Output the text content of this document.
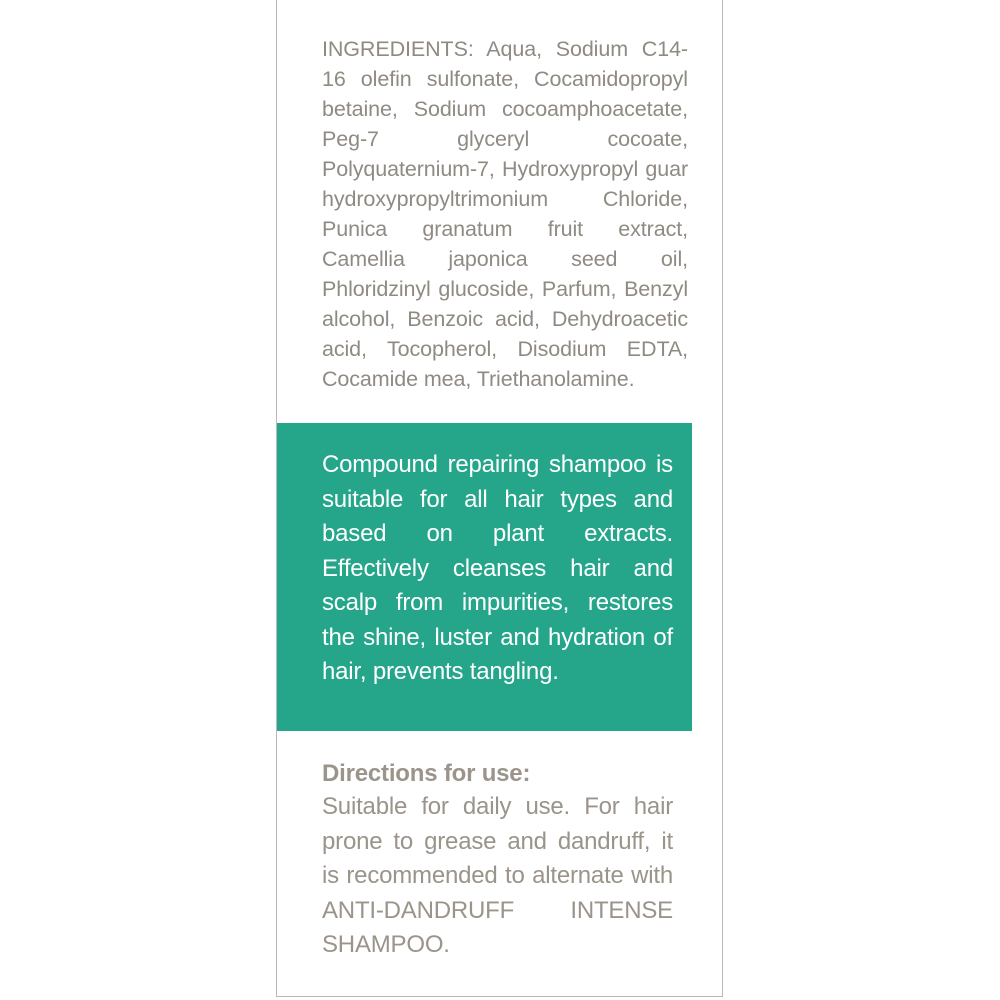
INGREDIENTS: Aqua, Sodium C14-16 olefin sulfonate, Cocamidopropyl betaine, Sodium cocoamphoacetate, Peg-7 glyceryl cocoate, Polyquaternium-7, Hydroxypropyl guar hydroxypropyltrimonium Chloride, Punica granatum fruit extract, Camellia japonica seed oil, Phloridzinyl glucoside, Parfum, Benzyl alcohol, Benzoic acid, Dehydroacetic acid, Tocopherol, Disodium EDTA, Cocamide mea, Triethanolamine.

Compound repairing shampoo is suitable for all hair types and based on plant extracts. Effectively cleanses hair and scalp from impurities, restores the shine, luster and hydration of hair, prevents tangling.

Directions for use:

Suitable for daily use. For hair prone to grease and dandruff, it is recommended to alternate with ANTI-DANDRUFF INTENSE SHAMPOO.
